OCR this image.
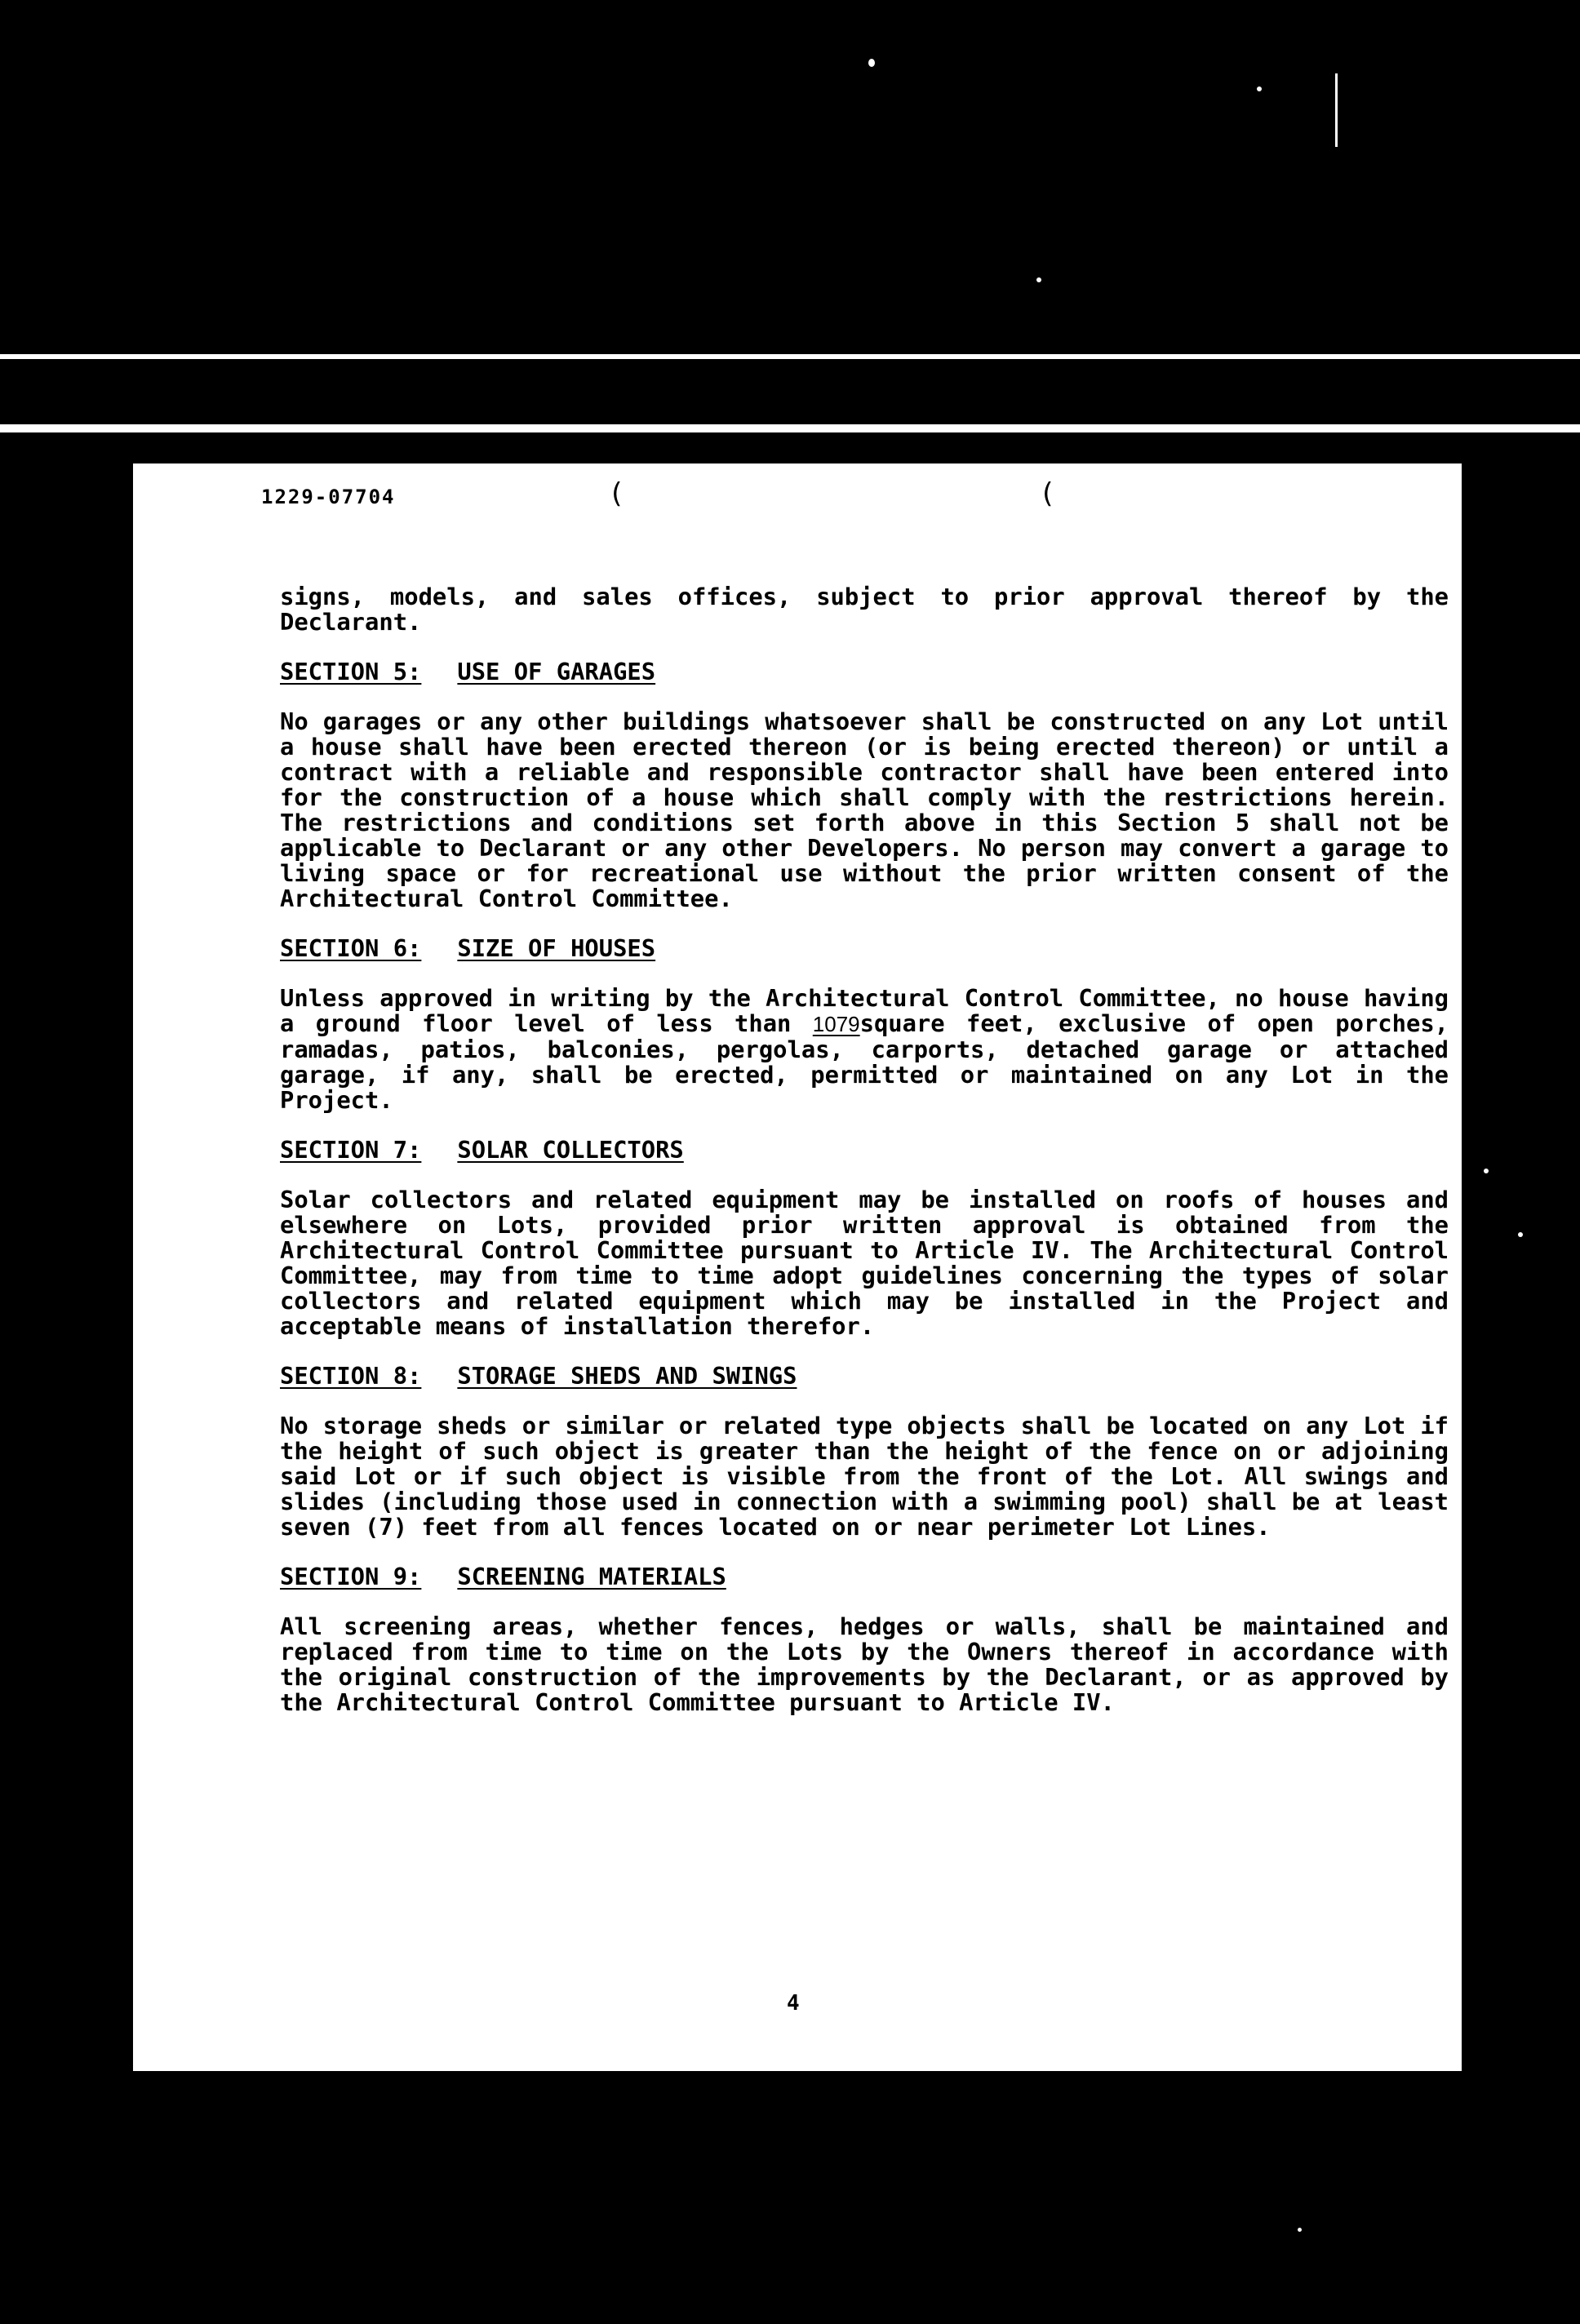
1229-07704	(	(

signs, models, and sales offices, subject to prior approval thereof by the Declarant.

SECTION 5: USE OF GARAGES

No garages or any other buildings whatsoever shall be constructed on any Lot until a house shall have been erected thereon (or is being erected thereon) or until a contract with a reliable and responsible contractor shall have been entered into for the construction of a house which shall comply with the restrictions herein. The restrictions and conditions set forth above in this Section 5 shall not be applicable to Declarant or any other Developers. No person may convert a garage to living space or for recreational use without the prior written consent of the Architectural Control Committee.

SECTION 6: SIZE OF HOUSES

Unless approved in writing by the Architectural Control Committee, no house having a ground floor level of less than 1079square feet, exclusive of open porches, ramadas, patios, balconies, pergolas, carports, detached garage or attached garage, if any, shall be erected, permitted or maintained on any Lot in the Project.

SECTION 7: SOLAR COLLECTORS

Solar collectors and related equipment may be installed on roofs of houses and elsewhere on Lots, provided prior written approval is obtained from the Architectural Control Committee pursuant to Article IV. The Architectural Control Committee, may from time to time adopt guidelines concerning the types of solar collectors and related equipment which may be installed in the Project and acceptable means of installation therefor.

SECTION 8: STORAGE SHEDS AND SWINGS

No storage sheds or similar or related type objects shall be located on any Lot if the height of such object is greater than the height of the fence on or adjoining said Lot or if such object is visible from the front of the Lot. All swings and slides (including those used in connection with a swimming pool) shall be at least seven (7) feet from all fences located on or near perimeter Lot Lines.

SECTION 9: SCREENING MATERIALS

All screening areas, whether fences, hedges or walls, shall be maintained and replaced from time to time on the Lots by the Owners thereof in accordance with the original construction of the improvements by the Declarant, or as approved by the Architectural Control Committee pursuant to Article IV.

4
7649
678
